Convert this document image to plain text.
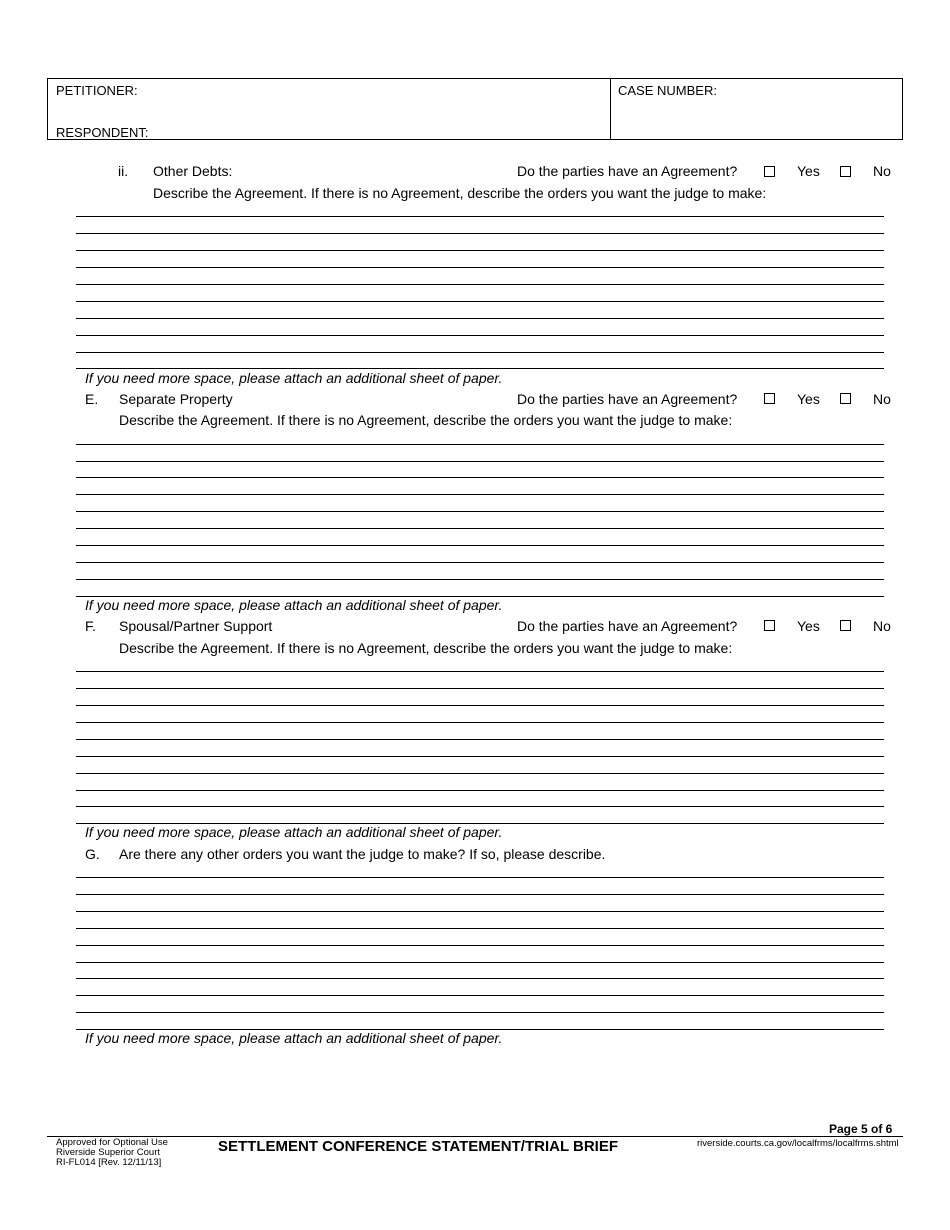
PETITIONER:
RESPONDENT:
CASE NUMBER:
ii. Other Debts:	Do the parties have an Agreement?	Yes	No
Describe the Agreement. If there is no Agreement, describe the orders you want the judge to make:
If you need more space, please attach an additional sheet of paper.
E. Separate Property	Do the parties have an Agreement?	Yes	No
Describe the Agreement. If there is no Agreement, describe the orders you want the judge to make:
If you need more space, please attach an additional sheet of paper.
F. Spousal/Partner Support	Do the parties have an Agreement?	Yes	No
Describe the Agreement. If there is no Agreement, describe the orders you want the judge to make:
If you need more space, please attach an additional sheet of paper.
G. Are there any other orders you want the judge to make? If so, please describe.
If you need more space, please attach an additional sheet of paper.
Page 5 of 6
Approved for Optional Use
Riverside Superior Court
RI-FL014 [Rev. 12/11/13]
SETTLEMENT CONFERENCE STATEMENT/TRIAL BRIEF	riverside.courts.ca.gov/localfrms/localfrms.shtml
